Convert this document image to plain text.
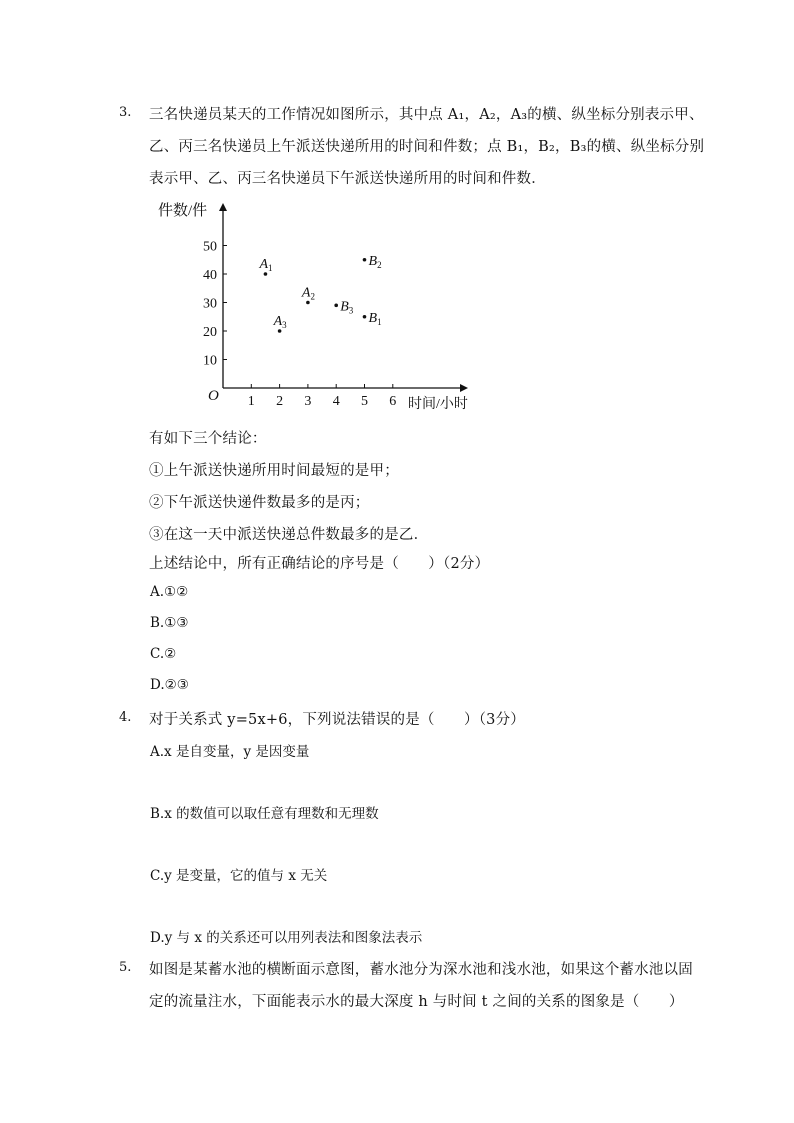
3. 三名快递员某天的工作情况如图所示，其中点 A₁，A₂，A₃的横、纵坐标分别表示甲、
乙、丙三名快递员上午派送快递所用的时间和件数；点 B₁，B₂，B₃的横、纵坐标分别
表示甲、乙、丙三名快递员下午派送快递所用的时间和件数．
件数/件
时间/小时
O 1 2 3 4 5 6
10
20
30
40
50
$A_1$
$A_2$
$A_3$	$B_1$
$B_2$
$B_3$
有如下三个结论：
①上午派送快递所用时间最短的是甲；
②下午派送快递件数最多的是丙；
③在这一天中派送快递总件数最多的是乙．
上述结论中，所有正确结论的序号是（　　）（2分）
A.①②
B.①③
C.②
D.②③
4. 对于关系式 y=5x+6，下列说法错误的是（　　）（3分）
A.x 是自变量，y 是因变量
B.x 的数值可以取任意有理数和无理数
C.y 是变量，它的值与 x 无关
D.y 与 x 的关系还可以用列表法和图象法表示
5. 如图是某蓄水池的横断面示意图，蓄水池分为深水池和浅水池，如果这个蓄水池以固
定的流量注水，下面能表示水的最大深度 h 与时间 t 之间的关系的图象是（　　）
